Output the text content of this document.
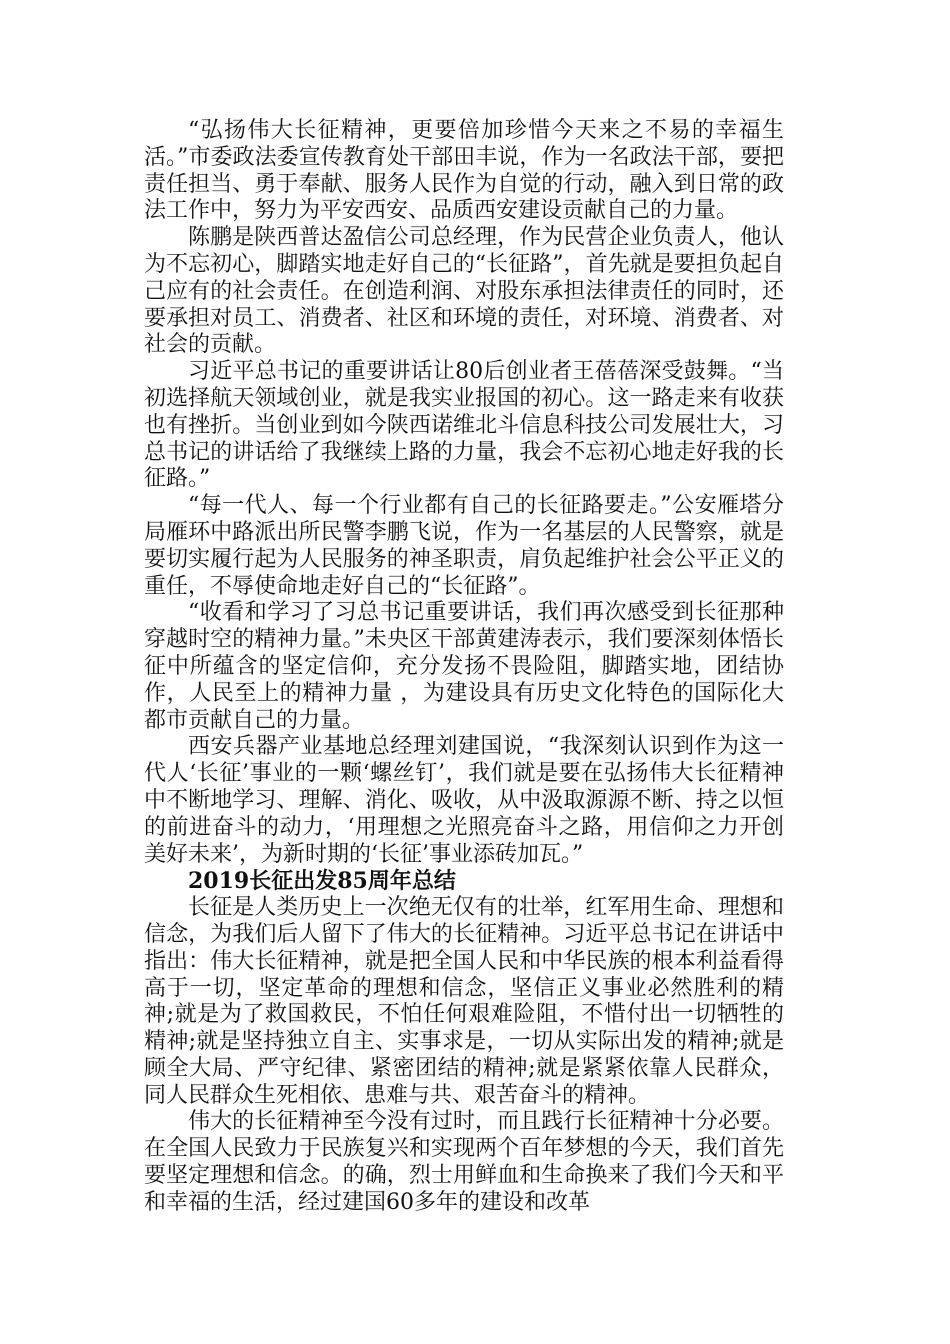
“弘扬伟大长征精神，更要倍加珍惜今天来之不易的幸福生活。”市委政法委宣传教育处干部田丰说，作为一名政法干部，要把责任担当、勇于奉献、服务人民作为自觉的行动，融入到日常的政法工作中，努力为平安西安、品质西安建设贡献自己的力量。

陈鹏是陕西普达盈信公司总经理，作为民营企业负责人，他认为不忘初心，脚踏实地走好自己的“长征路”，首先就是要担负起自己应有的社会责任。在创造利润、对股东承担法律责任的同时，还要承担对员工、消费者、社区和环境的责任，对环境、消费者、对社会的贡献。

习近平总书记的重要讲话让80后创业者王蓓蓓深受鼓舞。“当初选择航天领域创业，就是我实业报国的初心。这一路走来有收获也有挫折。当创业到如今陕西诺维北斗信息科技公司发展壮大，习总书记的讲话给了我继续上路的力量，我会不忘初心地走好我的长征路。”

“每一代人、每一个行业都有自己的长征路要走。”公安雁塔分局雁环中路派出所民警李鹏飞说，作为一名基层的人民警察，就是要切实履行起为人民服务的神圣职责，肩负起维护社会公平正义的重任，不辱使命地走好自己的“长征路”。

“收看和学习了习总书记重要讲话，我们再次感受到长征那种穿越时空的精神力量。”未央区干部黄建涛表示，我们要深刻体悟长征中所蕴含的坚定信仰，充分发扬不畏险阻，脚踏实地，团结协作，人民至上的精神力量 ，为建设具有历史文化特色的国际化大都市贡献自己的力量。

西安兵器产业基地总经理刘建国说，“我深刻认识到作为这一代人‘长征’事业的一颗‘螺丝钉’，我们就是要在弘扬伟大长征精神中不断地学习、理解、消化、吸收，从中汲取源源不断、持之以恒的前进奋斗的动力，‘用理想之光照亮奋斗之路，用信仰之力开创美好未来’，为新时期的‘长征’事业添砖加瓦。”

2019长征出发85周年总结

长征是人类历史上一次绝无仅有的壮举，红军用生命、理想和信念，为我们后人留下了伟大的长征精神。习近平总书记在讲话中指出：伟大长征精神，就是把全国人民和中华民族的根本利益看得高于一切，坚定革命的理想和信念，坚信正义事业必然胜利的精神;就是为了救国救民，不怕任何艰难险阻，不惜付出一切牺牲的精神;就是坚持独立自主、实事求是，一切从实际出发的精神;就是顾全大局、严守纪律、紧密团结的精神;就是紧紧依靠人民群众，同人民群众生死相依、患难与共、艰苦奋斗的精神。

伟大的长征精神至今没有过时，而且践行长征精神十分必要。在全国人民致力于民族复兴和实现两个百年梦想的今天，我们首先要坚定理想和信念。的确，烈士用鲜血和生命换来了我们今天和平和幸福的生活，经过建国60多年的建设和改革
